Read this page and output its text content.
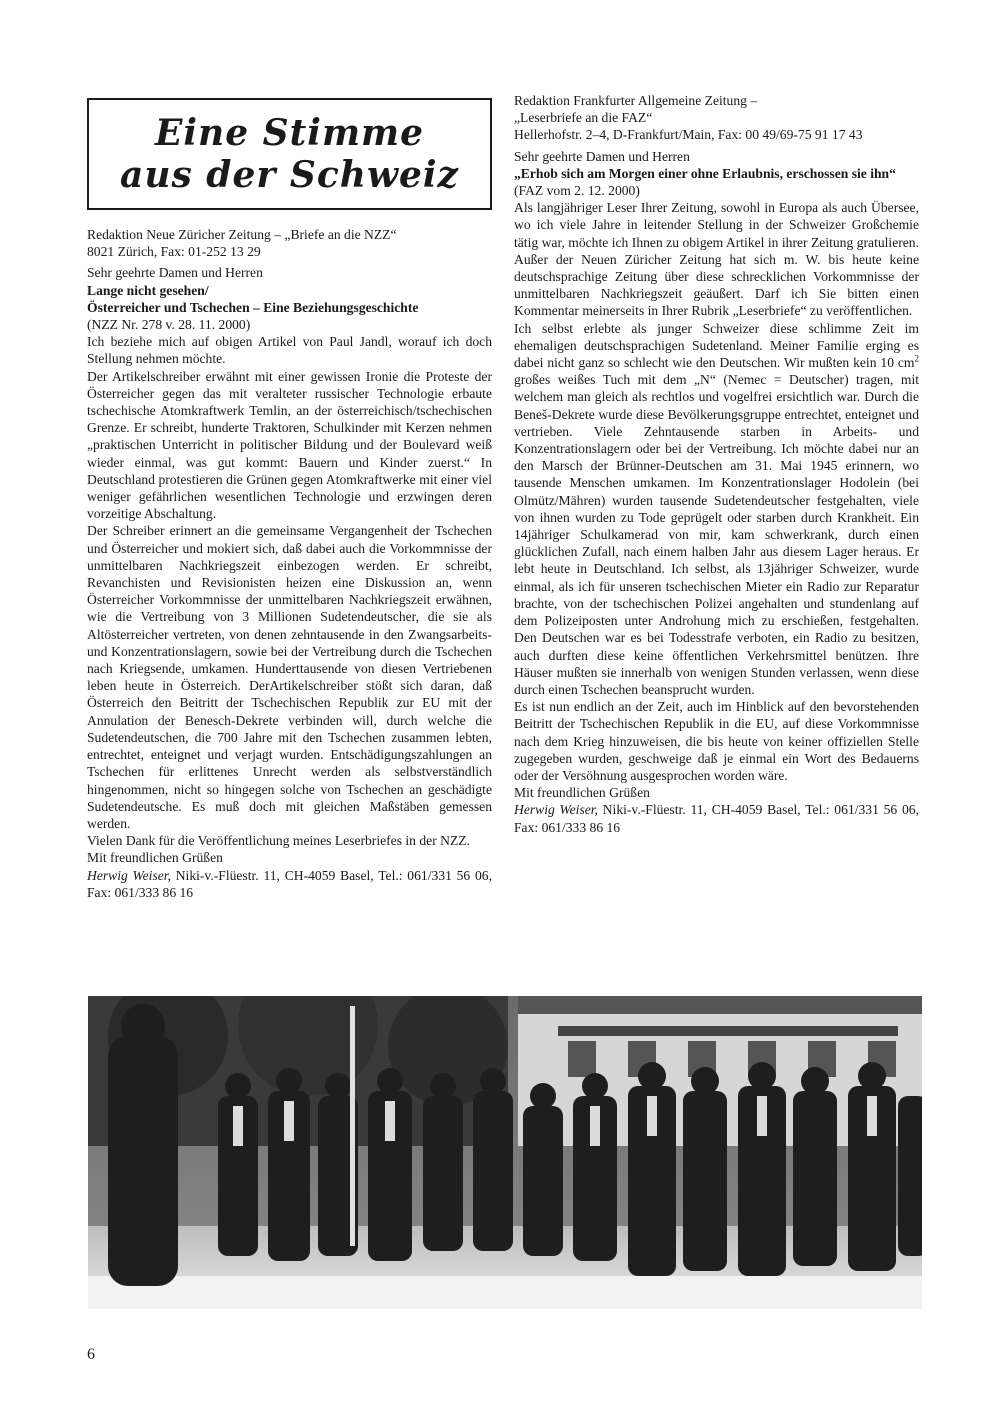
Eine Stimme
aus der Schweiz

Redaktion Neue Züricher Zeitung – „Briefe an die NZZ“

8021 Zürich, Fax: 01-252 13 29

Sehr geehrte Damen und Herren

Lange nicht gesehen/

Österreicher und Tschechen – Eine Beziehungsgeschichte

(NZZ Nr. 278 v. 28. 11. 2000)

Ich beziehe mich auf obigen Artikel von Paul Jandl, worauf ich doch Stellung nehmen möchte.

Der Artikelschreiber erwähnt mit einer gewissen Ironie die Proteste der Österreicher gegen das mit veralteter russischer Technologie erbaute tschechische Atomkraftwerk Temlin, an der österreichisch/tschechischen Grenze. Er schreibt, hunderte Traktoren, Schulkinder mit Kerzen nehmen „praktischen Unterricht in politischer Bildung und der Boulevard weiß wieder einmal, was gut kommt: Bauern und Kinder zuerst.“ In Deutschland protestieren die Grünen gegen Atomkraftwerke mit einer viel weniger gefährlichen wesentlichen Technologie und erzwingen deren vorzeitige Abschaltung.

Der Schreiber erinnert an die gemeinsame Vergangenheit der Tschechen und Österreicher und mokiert sich, daß dabei auch die Vorkommnisse der unmittelbaren Nachkriegszeit einbezogen werden. Er schreibt, Revanchisten und Revisionisten heizen eine Diskussion an, wenn Österreicher Vorkommnisse der unmittelbaren Nachkriegszeit erwähnen, wie die Vertreibung von 3 Millionen Sudetendeutscher, die sie als Altösterreicher vertreten, von denen zehntausende in den Zwangsarbeits- und Konzentrationslagern, sowie bei der Vertreibung durch die Tschechen nach Kriegsende, umkamen. Hunderttausende von diesen Vertriebenen leben heute in Österreich. DerArtikelschreiber stößt sich daran, daß Österreich den Beitritt der Tschechischen Republik zur EU mit der Annulation der Benesch-Dekrete verbinden will, durch welche die Sudetendeutschen, die 700 Jahre mit den Tschechen zusammen lebten, entrechtet, enteignet und verjagt wurden. Entschädigungszahlungen an Tschechen für erlittenes Unrecht werden als selbstverständlich hingenommen, nicht so hingegen solche von Tschechen an geschädigte Sudetendeutsche. Es muß doch mit gleichen Maßstäben gemessen werden.

Vielen Dank für die Veröffentlichung meines Leserbriefes in der NZZ.

Mit freundlichen Grüßen

Herwig Weiser, Niki-v.-Flüestr. 11, CH-4059 Basel, Tel.: 061/331 56 06, Fax: 061/333 86 16

Redaktion Frankfurter Allgemeine Zeitung –

„Leserbriefe an die FAZ“

Hellerhofstr. 2–4, D-Frankfurt/Main, Fax: 00 49/69-75 91 17 43

Sehr geehrte Damen und Herren

„Erhob sich am Morgen einer ohne Erlaubnis, erschossen sie ihn“

(FAZ vom 2. 12. 2000)

Als langjähriger Leser Ihrer Zeitung, sowohl in Europa als auch Übersee, wo ich viele Jahre in leitender Stellung in der Schweizer Großchemie tätig war, möchte ich Ihnen zu obigem Artikel in ihrer Zeitung gratulieren. Außer der Neuen Züricher Zeitung hat sich m. W. bis heute keine deutschsprachige Zeitung über diese schrecklichen Vorkommnisse der unmittelbaren Nachkriegszeit geäußert. Darf ich Sie bitten einen Kommentar meinerseits in Ihrer Rubrik „Leserbriefe“ zu veröffentlichen.

Ich selbst erlebte als junger Schweizer diese schlimme Zeit im ehemaligen deutschsprachigen Sudetenland. Meiner Familie erging es dabei nicht ganz so schlecht wie den Deutschen. Wir mußten kein 10 $cm^2$ großes weißes Tuch mit dem „N“ (Nemec = Deutscher) tragen, mit welchem man gleich als rechtlos und vogelfrei ersichtlich war. Durch die Beneš-Dekrete wurde diese Bevölkerungsgruppe entrechtet, enteignet und vertrieben. Viele Zehntausende starben in Arbeits- und Konzentrationslagern oder bei der Vertreibung. Ich möchte dabei nur an den Marsch der Brünner-Deutschen am 31. Mai 1945 erinnern, wo tausende Menschen umkamen. Im Konzentrationslager Hodolein (bei Olmütz/Mähren) wurden tausende Sudetendeutscher festgehalten, viele von ihnen wurden zu Tode geprügelt oder starben durch Krankheit. Ein 14jähriger Schulkamerad von mir, kam schwerkrank, durch einen glücklichen Zufall, nach einem halben Jahr aus diesem Lager heraus. Er lebt heute in Deutschland. Ich selbst, als 13jähriger Schweizer, wurde einmal, als ich für unseren tschechischen Mieter ein Radio zur Reparatur brachte, von der tschechischen Polizei angehalten und stundenlang auf dem Polizeiposten unter Androhung mich zu erschießen, festgehalten. Den Deutschen war es bei Todesstrafe verboten, ein Radio zu besitzen, auch durften diese keine öffentlichen Verkehrsmittel benützen. Ihre Häuser mußten sie innerhalb von wenigen Stunden verlassen, wenn diese durch einen Tschechen beansprucht wurden.

Es ist nun endlich an der Zeit, auch im Hinblick auf den bevorstehenden Beitritt der Tschechischen Republik in die EU, auf diese Vorkommnisse nach dem Krieg hinzuweisen, die bis heute von keiner offiziellen Stelle zugegeben wurden, geschweige daß je einmal ein Wort des Bedauerns oder der Versöhnung ausgesprochen worden wäre.

Mit freundlichen Grüßen

Herwig Weiser, Niki-v.-Flüestr. 11, CH-4059 Basel, Tel.: 061/331 56 06, Fax: 061/333 86 16

6
